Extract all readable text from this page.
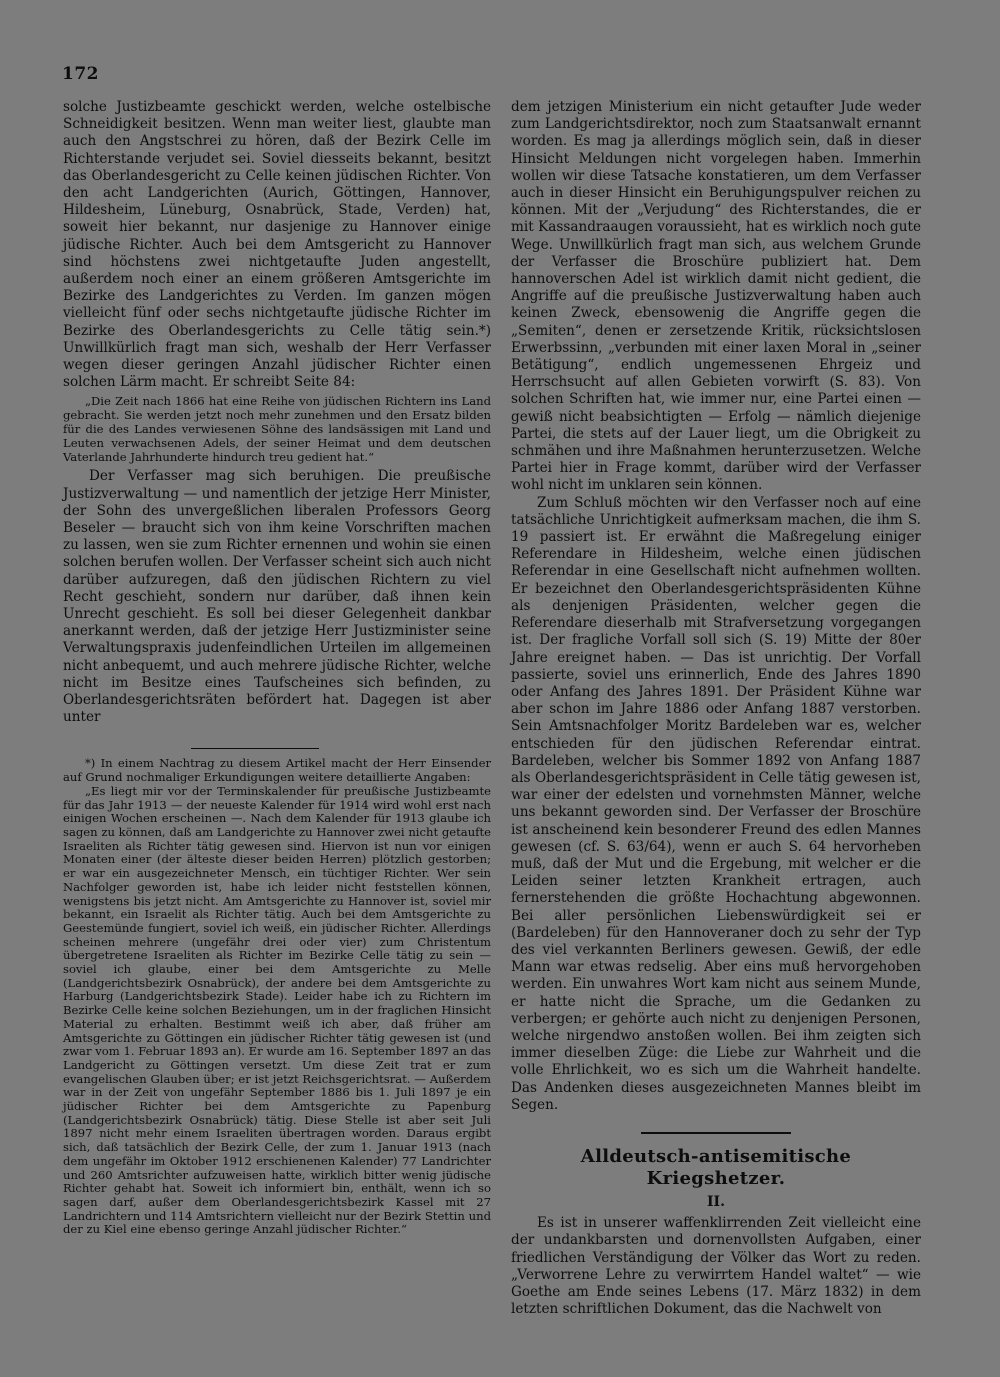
172

solche Justizbeamte geschickt werden, welche ostelbische Schneidigkeit besitzen. Wenn man weiter liest, glaubte man auch den Angstschrei zu hören, daß der Bezirk Celle im Richterstande verjudet sei. Soviel diesseits bekannt, besitzt das Oberlandesgericht zu Celle keinen jüdischen Richter. Von den acht Landgerichten (Aurich, Göttingen, Hannover, Hildesheim, Lüneburg, Osnabrück, Stade, Verden) hat, soweit hier bekannt, nur dasjenige zu Hannover einige jüdische Richter. Auch bei dem Amtsgericht zu Hannover sind höchstens zwei nichtgetaufte Juden angestellt, außerdem noch einer an einem größeren Amtsgerichte im Bezirke des Landgerichtes zu Verden. Im ganzen mögen vielleicht fünf oder sechs nichtgetaufte jüdische Richter im Bezirke des Oberlandesgerichts zu Celle tätig sein.*) Unwillkürlich fragt man sich, weshalb der Herr Verfasser wegen dieser geringen Anzahl jüdischer Richter einen solchen Lärm macht. Er schreibt Seite 84:

„Die Zeit nach 1866 hat eine Reihe von jüdischen Richtern ins Land gebracht. Sie werden jetzt noch mehr zunehmen und den Ersatz bilden für die des Landes verwiesenen Söhne des landsässigen mit Land und Leuten verwachsenen Adels, der seiner Heimat und dem deutschen Vaterlande Jahrhunderte hindurch treu gedient hat.“

Der Verfasser mag sich beruhigen. Die preußische Justizverwaltung — und namentlich der jetzige Herr Minister, der Sohn des unvergeßlichen liberalen Professors Georg Beseler — braucht sich von ihm keine Vorschriften machen zu lassen, wen sie zum Richter ernennen und wohin sie einen solchen berufen wollen. Der Verfasser scheint sich auch nicht darüber aufzuregen, daß den jüdischen Richtern zu viel Recht geschieht, sondern nur darüber, daß ihnen kein Unrecht geschieht. Es soll bei dieser Gelegenheit dankbar anerkannt werden, daß der jetzige Herr Justizminister seine Verwaltungspraxis judenfeindlichen Urteilen im allgemeinen nicht anbequemt, und auch mehrere jüdische Richter, welche nicht im Besitze eines Taufscheines sich befinden, zu Oberlandesgerichtsräten befördert hat. Dagegen ist aber unter

*) In einem Nachtrag zu diesem Artikel macht der Herr Einsender auf Grund nochmaliger Erkundigungen weitere detaillierte Angaben:

„Es liegt mir vor der Terminskalender für preußische Justizbeamte für das Jahr 1913 — der neueste Kalender für 1914 wird wohl erst nach einigen Wochen erscheinen —. Nach dem Kalender für 1913 glaube ich sagen zu können, daß am Landgerichte zu Hannover zwei nicht getaufte Israeliten als Richter tätig gewesen sind. Hiervon ist nun vor einigen Monaten einer (der älteste dieser beiden Herren) plötzlich gestorben; er war ein ausgezeichneter Mensch, ein tüchtiger Richter. Wer sein Nachfolger geworden ist, habe ich leider nicht feststellen können, wenigstens bis jetzt nicht. Am Amtsgerichte zu Hannover ist, soviel mir bekannt, ein Israelit als Richter tätig. Auch bei dem Amtsgerichte zu Geestemünde fungiert, soviel ich weiß, ein jüdischer Richter. Allerdings scheinen mehrere (ungefähr drei oder vier) zum Christentum übergetretene Israeliten als Richter im Bezirke Celle tätig zu sein — soviel ich glaube, einer bei dem Amtsgerichte zu Melle (Landgerichtsbezirk Osnabrück), der andere bei dem Amtsgerichte zu Harburg (Landgerichtsbezirk Stade). Leider habe ich zu Richtern im Bezirke Celle keine solchen Beziehungen, um in der fraglichen Hinsicht Material zu erhalten. Bestimmt weiß ich aber, daß früher am Amtsgerichte zu Göttingen ein jüdischer Richter tätig gewesen ist (und zwar vom 1. Februar 1893 an). Er wurde am 16. September 1897 an das Landgericht zu Göttingen versetzt. Um diese Zeit trat er zum evangelischen Glauben über; er ist jetzt Reichsgerichtsrat. — Außerdem war in der Zeit von ungefähr September 1886 bis 1. Juli 1897 je ein jüdischer Richter bei dem Amtsgerichte zu Papenburg (Landgerichtsbezirk Osnabrück) tätig. Diese Stelle ist aber seit Juli 1897 nicht mehr einem Israeliten übertragen worden. Daraus ergibt sich, daß tatsächlich der Bezirk Celle, der zum 1. Januar 1913 (nach dem ungefähr im Oktober 1912 erschienenen Kalender) 77 Landrichter und 260 Amtsrichter aufzuweisen hatte, wirklich bitter wenig jüdische Richter gehabt hat. Soweit ich informiert bin, enthält, wenn ich so sagen darf, außer dem Oberlandesgerichtsbezirk Kassel mit 27 Landrichtern und 114 Amtsrichtern vielleicht nur der Bezirk Stettin und der zu Kiel eine ebenso geringe Anzahl jüdischer Richter.“

dem jetzigen Ministerium ein nicht getaufter Jude weder zum Landgerichtsdirektor, noch zum Staatsanwalt ernannt worden. Es mag ja allerdings möglich sein, daß in dieser Hinsicht Meldungen nicht vorgelegen haben. Immerhin wollen wir diese Tatsache konstatieren, um dem Verfasser auch in dieser Hinsicht ein Beruhigungspulver reichen zu können. Mit der „Verjudung“ des Richterstandes, die er mit Kassandraaugen voraussieht, hat es wirklich noch gute Wege. Unwillkürlich fragt man sich, aus welchem Grunde der Verfasser die Broschüre publiziert hat. Dem hannoverschen Adel ist wirklich damit nicht gedient, die Angriffe auf die preußische Justizverwaltung haben auch keinen Zweck, ebensowenig die Angriffe gegen die „Semiten“, denen er zersetzende Kritik, rücksichtslosen Erwerbssinn, „verbunden mit einer laxen Moral in „seiner Betätigung“, endlich ungemessenen Ehrgeiz und Herrschsucht auf allen Gebieten vorwirft (S. 83). Von solchen Schriften hat, wie immer nur, eine Partei einen — gewiß nicht beabsichtigten — Erfolg — nämlich diejenige Partei, die stets auf der Lauer liegt, um die Obrigkeit zu schmähen und ihre Maßnahmen herunterzusetzen. Welche Partei hier in Frage kommt, darüber wird der Verfasser wohl nicht im unklaren sein können.

Zum Schluß möchten wir den Verfasser noch auf eine tatsächliche Unrichtigkeit aufmerksam machen, die ihm S. 19 passiert ist. Er erwähnt die Maßregelung einiger Referendare in Hildesheim, welche einen jüdischen Referendar in eine Gesellschaft nicht aufnehmen wollten. Er bezeichnet den Oberlandesgerichtspräsidenten Kühne als denjenigen Präsidenten, welcher gegen die Referendare dieserhalb mit Strafversetzung vorgegangen ist. Der fragliche Vorfall soll sich (S. 19) Mitte der 80er Jahre ereignet haben. — Das ist unrichtig. Der Vorfall passierte, soviel uns erinnerlich, Ende des Jahres 1890 oder Anfang des Jahres 1891. Der Präsident Kühne war aber schon im Jahre 1886 oder Anfang 1887 verstorben. Sein Amtsnachfolger Moritz Bardeleben war es, welcher entschieden für den jüdischen Referendar eintrat. Bardeleben, welcher bis Sommer 1892 von Anfang 1887 als Oberlandesgerichtspräsident in Celle tätig gewesen ist, war einer der edelsten und vornehmsten Männer, welche uns bekannt geworden sind. Der Verfasser der Broschüre ist anscheinend kein besonderer Freund des edlen Mannes gewesen (cf. S. 63/64), wenn er auch S. 64 hervorheben muß, daß der Mut und die Ergebung, mit welcher er die Leiden seiner letzten Krankheit ertragen, auch fernerstehenden die größte Hochachtung abgewonnen. Bei aller persönlichen Liebenswürdigkeit sei er (Bardeleben) für den Hannoveraner doch zu sehr der Typ des viel verkannten Berliners gewesen. Gewiß, der edle Mann war etwas redselig. Aber eins muß hervorgehoben werden. Ein unwahres Wort kam nicht aus seinem Munde, er hatte nicht die Sprache, um die Gedanken zu verbergen; er gehörte auch nicht zu denjenigen Personen, welche nirgendwo anstoßen wollen. Bei ihm zeigten sich immer dieselben Züge: die Liebe zur Wahrheit und die volle Ehrlichkeit, wo es sich um die Wahrheit handelte. Das Andenken dieses ausgezeichneten Mannes bleibt im Segen.

Alldeutsch-antisemitische Kriegshetzer.
II.

Es ist in unserer waffenklirrenden Zeit vielleicht eine der undankbarsten und dornenvollsten Aufgaben, einer friedlichen Verständigung der Völker das Wort zu reden. „Verworrene Lehre zu verwirrtem Handel waltet“ — wie Goethe am Ende seines Lebens (17. März 1832) in dem letzten schriftlichen Dokument, das die Nachwelt von
